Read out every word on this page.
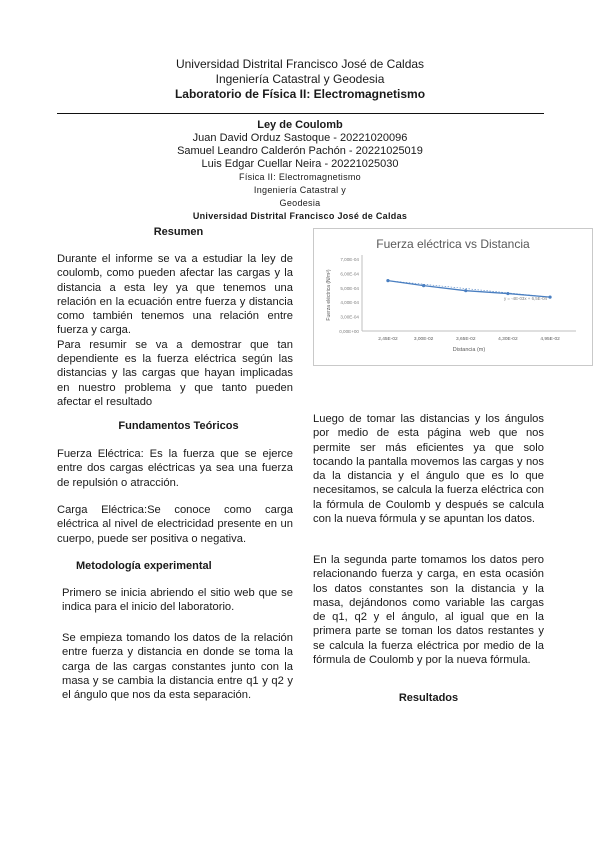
Universidad Distrital Francisco José de Caldas
Ingeniería Catastral y Geodesia
Laboratorio de Física II: Electromagnetismo
Ley de Coulomb
Juan David Orduz Sastoque - 20221020096
Samuel Leandro Calderón Pachón - 20221025019
Luis Edgar Cuellar Neira - 20221025030
Física II: Electromagnetismo
Ingeniería Catastral y
Geodesia
Universidad Distrital Francisco José de Caldas
Resumen

Durante el informe se va a estudiar la ley de coulomb, como pueden afectar las cargas y la distancia a esta ley ya que tenemos una relación en la ecuación entre fuerza y distancia como también tenemos una relación entre fuerza y carga.

Para resumir se va a demostrar que tan dependiente es la fuerza eléctrica según las distancias y las cargas que hayan implicadas en nuestro problema y que tanto pueden afectar el resultado

Fundamentos Teóricos
Fuerza Eléctrica: Es la fuerza que se ejerce entre dos cargas eléctricas ya sea una fuerza de repulsión o atracción.
Carga Eléctrica:Se conoce como carga eléctrica al nivel de electricidad presente en un cuerpo, puede ser positiva o negativa.
Metodología experimental
Primero se inicia abriendo el sitio web que se indica para el inicio del laboratorio.
Se empieza tomando los datos de la relación entre fuerza y distancia en donde se toma la carga de las cargas constantes junto con la masa y se cambia la distancia entre q1 y q2 y el ángulo que nos da esta separación.
Fuerza eléctrica vs Distancia
0,00E+00
3,00E-04
4,00E-04
5,00E-04
6,00E-04
7,00E-04
2,45E-02	3,00E-02	3,65E-02	4,30E-02	4,95E-02
Distancia (m)
Fuerza eléctrica (N/m²)	y = -4E-03x + 6,5E-04
Luego de tomar las distancias y los ángulos por medio de esta página web que nos permite ser más eficientes ya que solo tocando la pantalla movemos las cargas y nos da la distancia y el ángulo que es lo que necesitamos, se calcula la fuerza eléctrica con la fórmula de Coulomb y después se calcula con la nueva fórmula y se apuntan los datos.
En la segunda parte tomamos los datos pero relacionando fuerza y carga, en esta ocasión los datos constantes son la distancia y la masa, dejándonos como variable las cargas de q1, q2 y el ángulo, al igual que en la primera parte se toman los datos restantes y se calcula la fuerza eléctrica por medio de la fórmula de Coulomb y por la nueva fórmula.
Resultados
